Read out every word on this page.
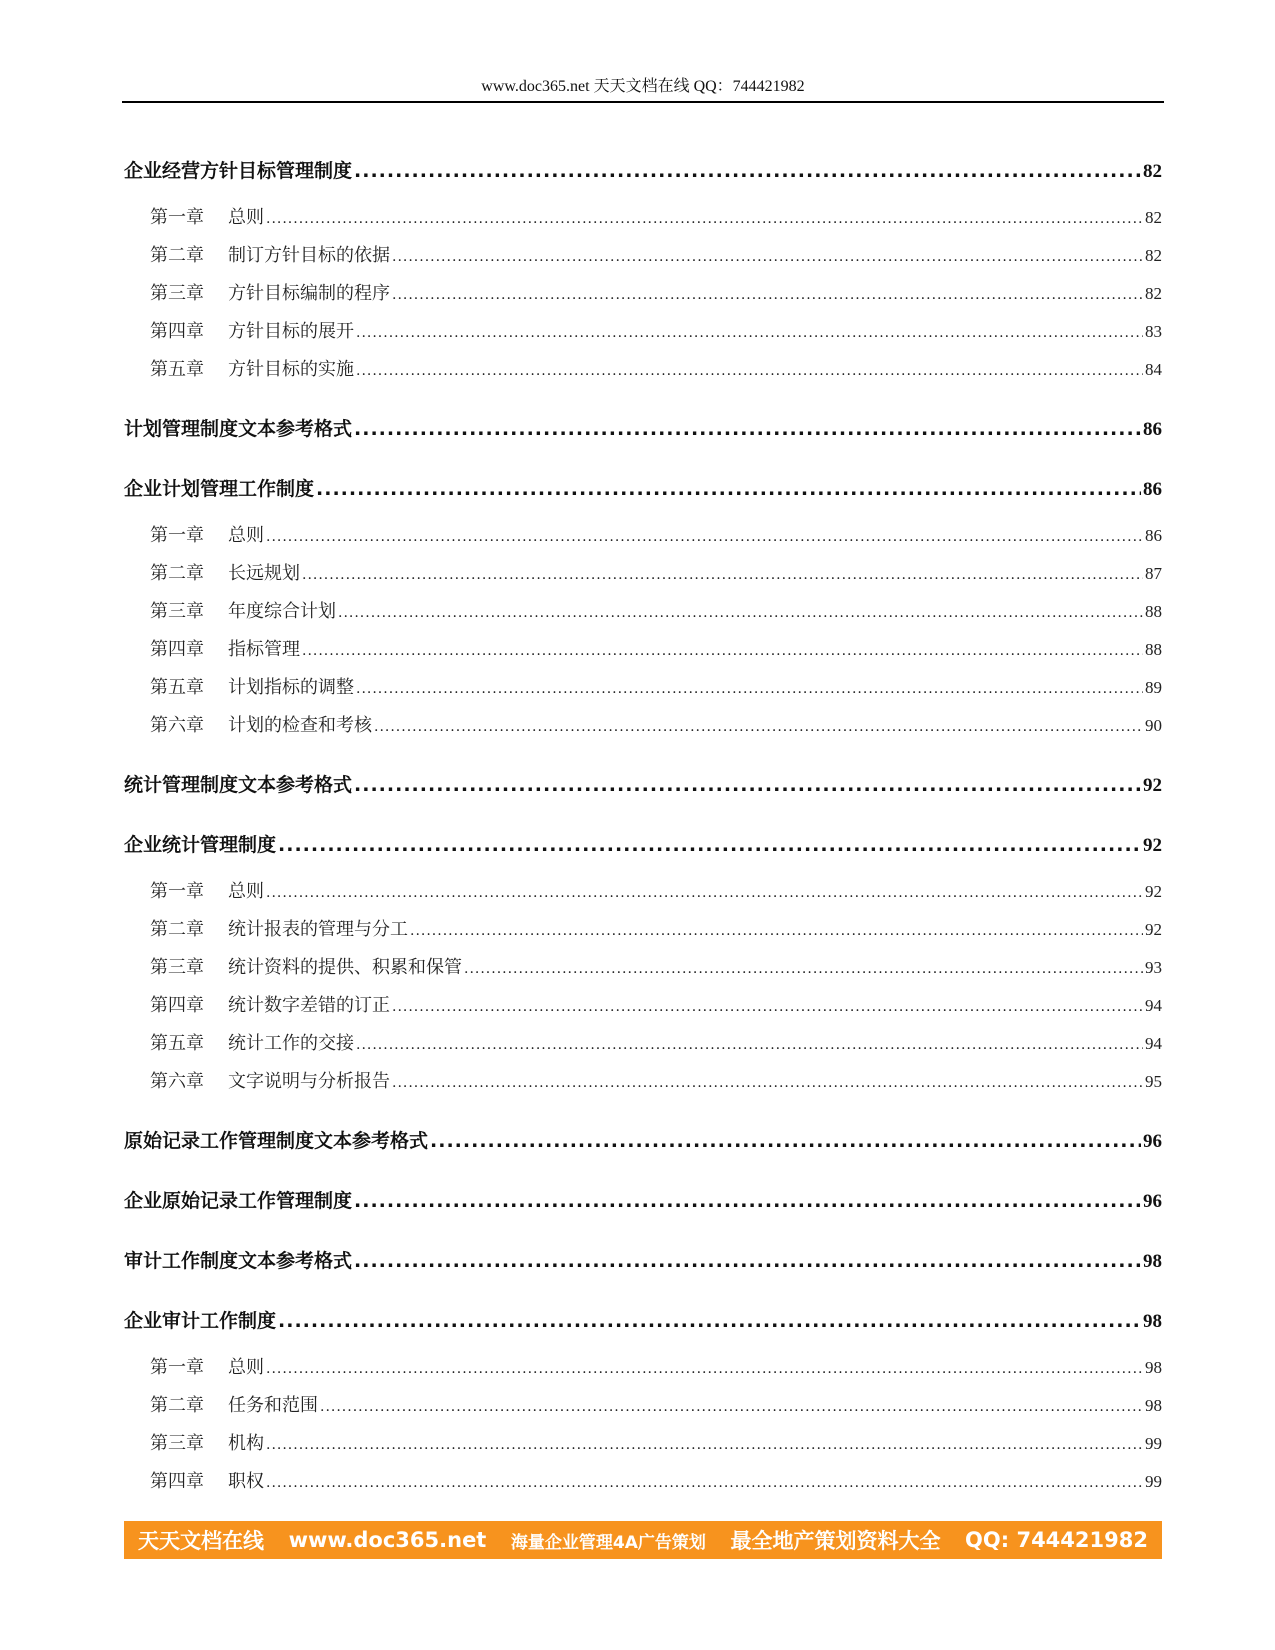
www.doc365.net 天天文档在线 QQ：744421982
企业经营方针目标管理制度 .....	82
第一章 总则 .....	82
第二章 制订方针目标的依据 .....	82
第三章 方针目标编制的程序 .....	82
第四章 方针目标的展开 .....	83
第五章 方针目标的实施 .....	84
计划管理制度文本参考格式 .....	86
企业计划管理工作制度 .....	86
第一章 总则 .....	86
第二章 长远规划 .....	87
第三章 年度综合计划 .....	88
第四章 指标管理 .....	88
第五章 计划指标的调整 .....	89
第六章 计划的检查和考核 .....	90
统计管理制度文本参考格式 .....	92
企业统计管理制度 .....	92
第一章 总则 .....	92
第二章 统计报表的管理与分工 .....	92
第三章 统计资料的提供、积累和保管 .....	93
第四章 统计数字差错的订正 .....	94
第五章 统计工作的交接 .....	94
第六章 文字说明与分析报告 .....	95
原始记录工作管理制度文本参考格式 .....	96
企业原始记录工作管理制度 .....	96
审计工作制度文本参考格式 .....	98
企业审计工作制度 .....	98
第一章 总则 .....	98
第二章 任务和范围 .....	98
第三章 机构 .....	99
第四章 职权 .....	99
天天文档在线 www.doc365.net 海量企业管理4A广告策划 最全地产策划资料大全 QQ: 744421982
